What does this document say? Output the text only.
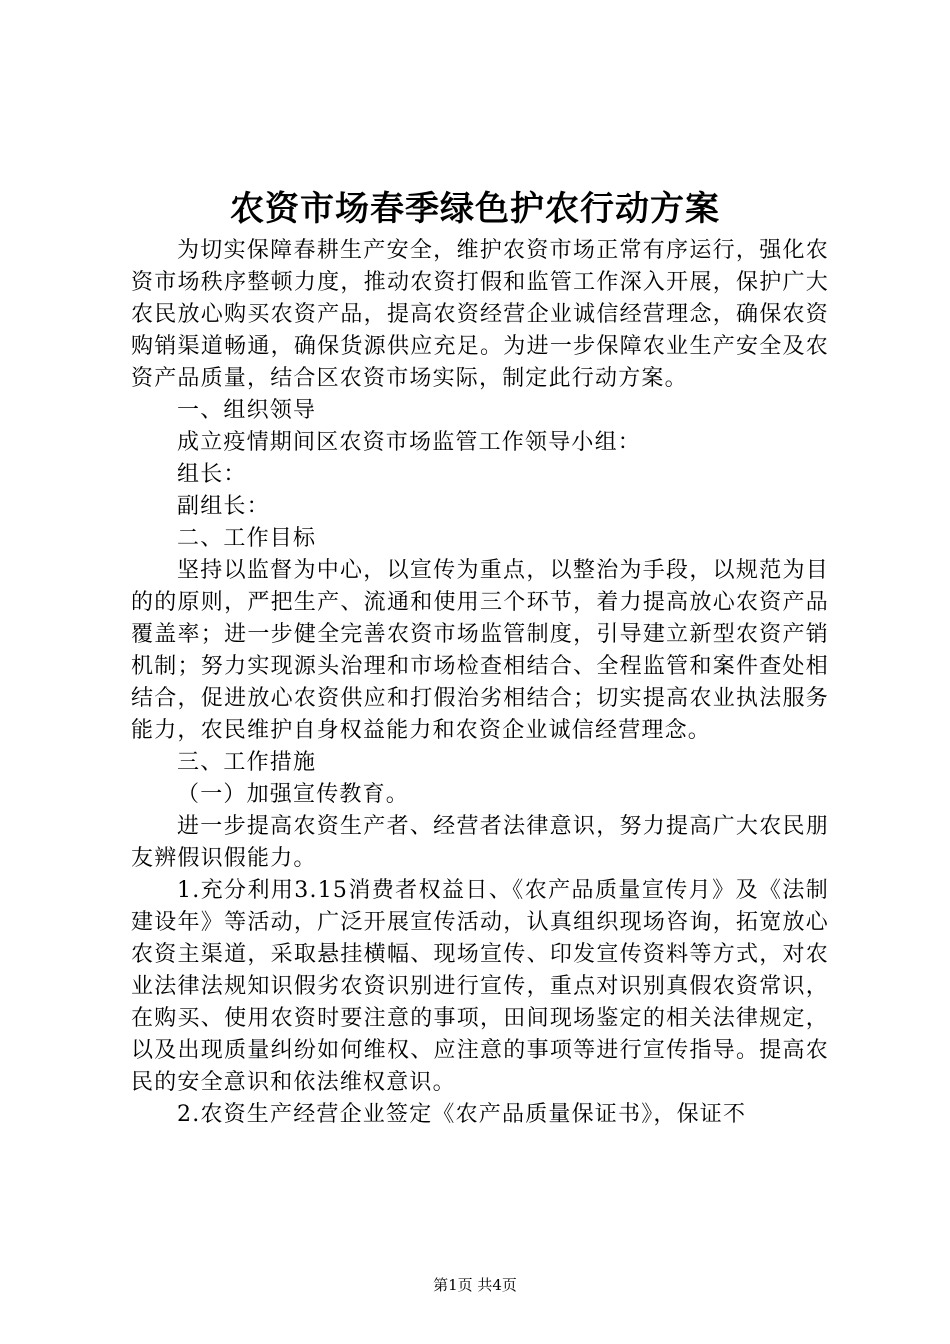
农资市场春季绿色护农行动方案

为切实保障春耕生产安全，维护农资市场正常有序运行，强化农资市场秩序整顿力度，推动农资打假和监管工作深入开展，保护广大农民放心购买农资产品，提高农资经营企业诚信经营理念，确保农资购销渠道畅通，确保货源供应充足。为进一步保障农业生产安全及农资产品质量，结合区农资市场实际，制定此行动方案。

一、组织领导

成立疫情期间区农资市场监管工作领导小组：

组长：

副组长：

二、工作目标

坚持以监督为中心，以宣传为重点，以整治为手段，以规范为目的的原则，严把生产、流通和使用三个环节，着力提高放心农资产品覆盖率；进一步健全完善农资市场监管制度，引导建立新型农资产销机制；努力实现源头治理和市场检查相结合、全程监管和案件查处相结合，促进放心农资供应和打假治劣相结合；切实提高农业执法服务能力，农民维护自身权益能力和农资企业诚信经营理念。

三、工作措施

（一）加强宣传教育。

进一步提高农资生产者、经营者法律意识，努力提高广大农民朋友辨假识假能力。

1.充分利用3.15消费者权益日、《农产品质量宣传月》及《法制建设年》等活动，广泛开展宣传活动，认真组织现场咨询，拓宽放心农资主渠道，采取悬挂横幅、现场宣传、印发宣传资料等方式，对农业法律法规知识假劣农资识别进行宣传，重点对识别真假农资常识，在购买、使用农资时要注意的事项，田间现场鉴定的相关法律规定，以及出现质量纠纷如何维权、应注意的事项等进行宣传指导。提高农民的安全意识和依法维权意识。

2.农资生产经营企业签定《农产品质量保证书》，保证不

第1页 共4页
